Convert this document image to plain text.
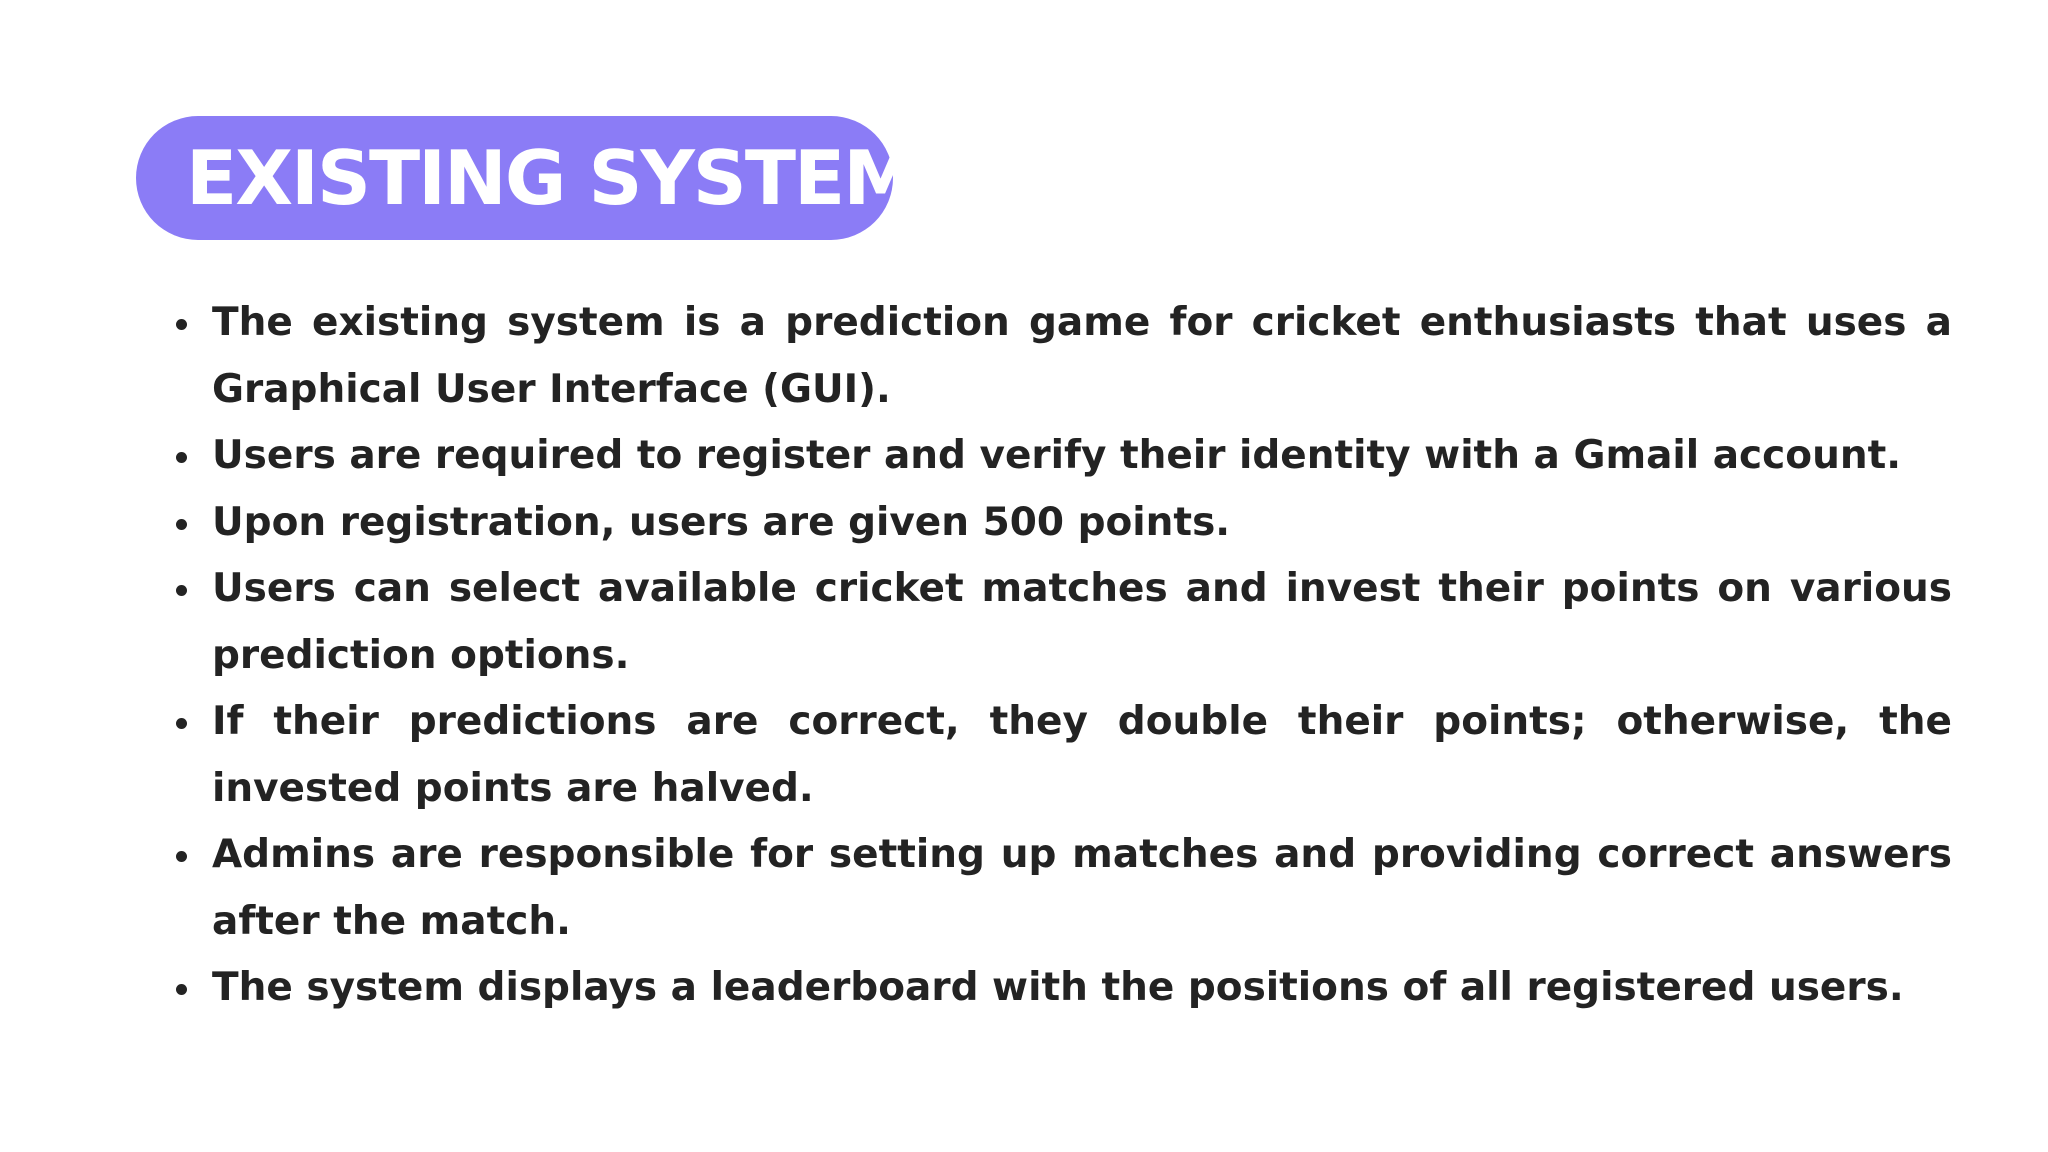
EXISTING SYSTEM
The existing system is a prediction game for cricket enthusiasts that uses a Graphical User Interface (GUI).
Users are required to register and verify their identity with a Gmail account.
Upon registration, users are given 500 points.
Users can select available cricket matches and invest their points on various prediction options.
If their predictions are correct, they double their points; otherwise, the invested points are halved.
Admins are responsible for setting up matches and providing correct answers after the match.
The system displays a leaderboard with the positions of all registered users.
